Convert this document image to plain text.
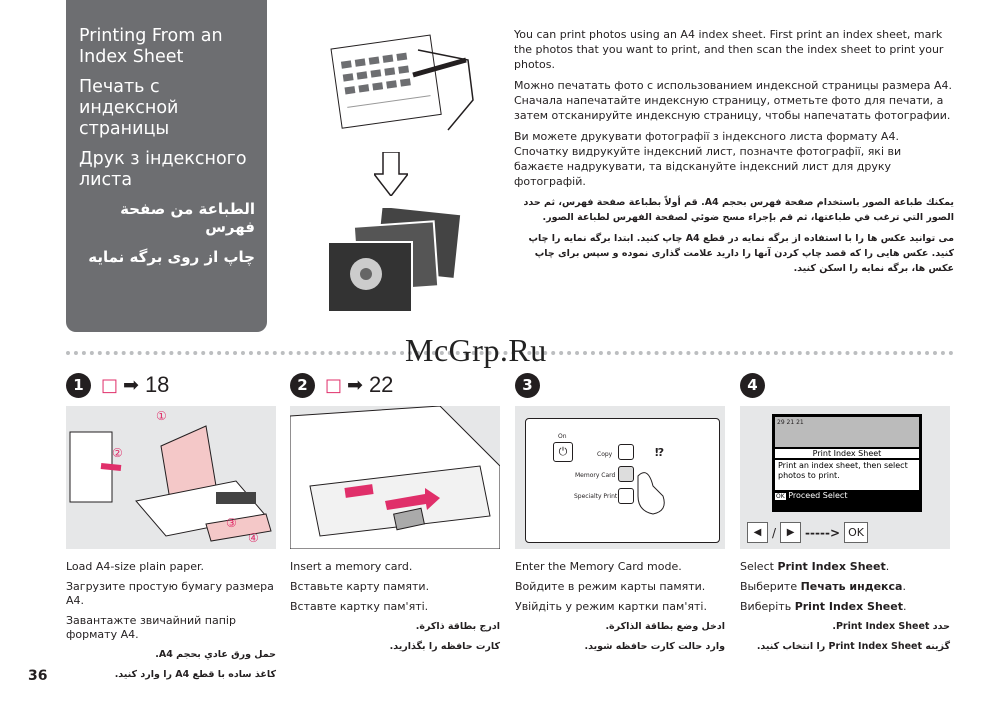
Printing From an Index Sheet
Печать с индексной страницы
Друк з індексного листа
الطباعة من صفحة فهرس
چاپ از روی برگه نمایه

You can print photos using an A4 index sheet. First print an index sheet, mark the photos that you want to print, and then scan the index sheet to print your photos.

Можно печатать фото с использованием индексной страницы размера A4. Сначала напечатайте индексную страницу, отметьте фото для печати, а затем отсканируйте индексную страницу, чтобы напечатать фотографии.

Ви можете друкувати фотографії з індексного листа формату A4. Спочатку видрукуйте індексний лист, позначте фотографії, які ви бажаєте надрукувати, та відскануйте індексний лист для друку фотографій.

يمكنك طباعة الصور باستخدام صفحة فهرس بحجم A4. قم أولاً بطباعة صفحة فهرس، ثم حدد الصور التي ترغب في طباعتها، ثم قم بإجراء مسح ضوئي لصفحة الفهرس لطباعة الصور.

می توانید عکس ها را با استفاده از برگه نمایه در قطع A4 چاپ کنید. ابتدا برگه نمایه را چاپ کنید. عکس هایی را که قصد چاپ کردن آنها را دارید علامت گذاری نموده و سپس برای چاپ عکس ها، برگه نمایه را اسکن کنید.

McGrp.Ru
1 □ ➡ 18
①
②
③
④

Load A4-size plain paper.

Загрузите простую бумагу размера A4.

Завантажте звичайний папір формату A4.

حمل ورق عادي بحجم A4.

کاغذ ساده با قطع A4 را وارد کنید.

2 □ ➡ 22

Insert a memory card.

Вставьте карту памяти.

Вставте картку пам'яті.

ادرج بطاقة ذاكرة.

کارت حافظه را بگذارید.

3
On
⏻	Copy
Memory Card
Specialty Print
⁉

Enter the Memory Card mode.

Войдите в режим карты памяти.

Увійдіть у режим картки пам'яті.

ادخل وضع بطاقة الذاكرة.

وارد حالت کارت حافظه شوید.

4
29 21 21
Print Index Sheet
Print an index sheet, then select photos to print.
OK Proceed Select
◀ /	▶ -----> OK

Select Print Index Sheet.

Выберите Печать индекса.

Виберіть Print Index Sheet.

حدد Print Index Sheet.

گزینه Print Index Sheet را انتخاب کنید.

36
